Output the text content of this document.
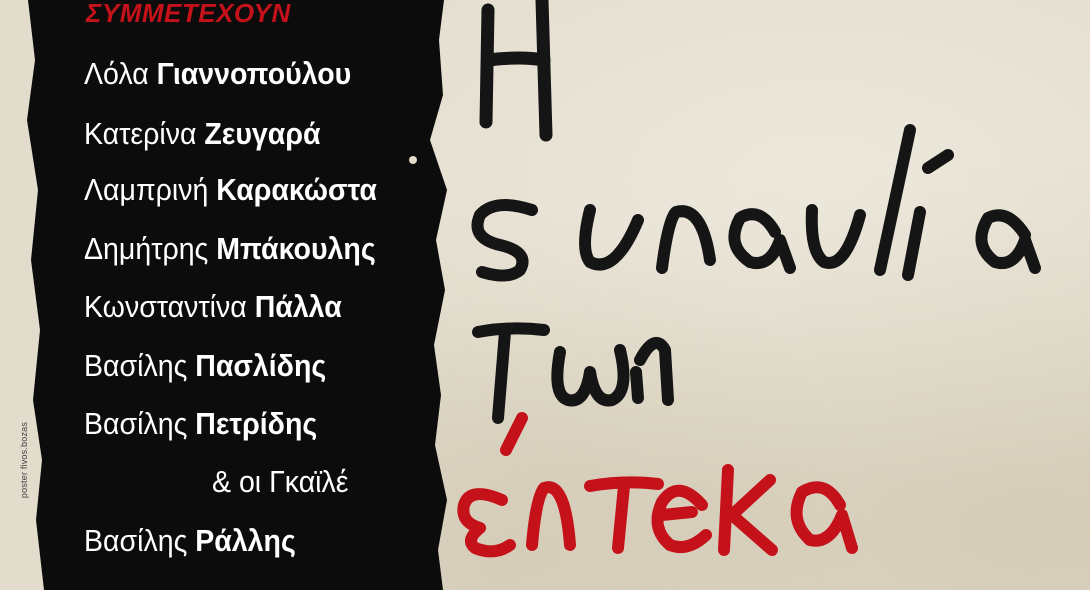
poster fivos.bozas
ΣΥΜΜΕΤΕΧΟΥΝ
Λόλα Γιαννοπούλου
Κατερίνα Ζευγαρά
Λαμπρινή Καρακώστα
Δημήτρης Μπάκουλης
Κωνσταντίνα Πάλλα
Βασίλης Πασλίδης
Βασίλης Πετρίδης
& οι Γκαϊλέ
Βασίλης Ράλλης
